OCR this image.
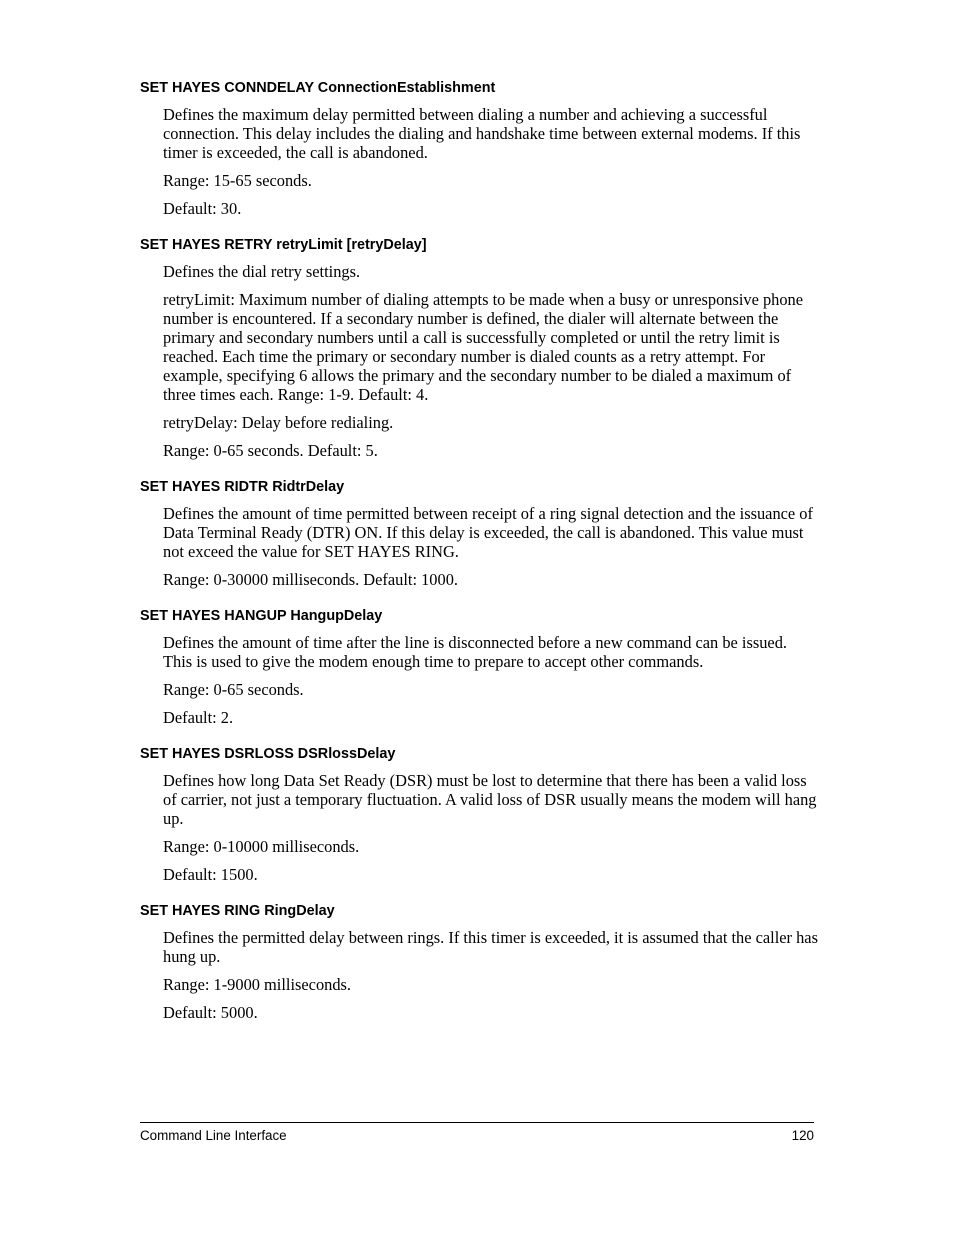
SET HAYES CONNDELAY ConnectionEstablishment

Defines the maximum delay permitted between dialing a number and achieving a successful connection. This delay includes the dialing and handshake time between external modems. If this timer is exceeded, the call is abandoned.

Range: 15-65 seconds.

Default: 30.

SET HAYES RETRY retryLimit [retryDelay]

Defines the dial retry settings.

retryLimit: Maximum number of dialing attempts to be made when a busy or unresponsive phone number is encountered. If a secondary number is defined, the dialer will alternate between the primary and secondary numbers until a call is successfully completed or until the retry limit is reached. Each time the primary or secondary number is dialed counts as a retry attempt. For example, specifying 6 allows the primary and the secondary number to be dialed a maximum of three times each. Range: 1-9. Default: 4.

retryDelay: Delay before redialing.

Range: 0-65 seconds. Default: 5.

SET HAYES RIDTR RidtrDelay

Defines the amount of time permitted between receipt of a ring signal detection and the issuance of Data Terminal Ready (DTR) ON. If this delay is exceeded, the call is abandoned. This value must not exceed the value for SET HAYES RING.

Range: 0-30000 milliseconds. Default: 1000.

SET HAYES HANGUP HangupDelay

Defines the amount of time after the line is disconnected before a new command can be issued. This is used to give the modem enough time to prepare to accept other commands.

Range: 0-65 seconds.

Default: 2.

SET HAYES DSRLOSS DSRlossDelay

Defines how long Data Set Ready (DSR) must be lost to determine that there has been a valid loss of carrier, not just a temporary fluctuation. A valid loss of DSR usually means the modem will hang up.

Range: 0-10000 milliseconds.

Default: 1500.

SET HAYES RING RingDelay

Defines the permitted delay between rings. If this timer is exceeded, it is assumed that the caller has hung up.

Range: 1-9000 milliseconds.

Default: 5000.

Command Line Interface	120
